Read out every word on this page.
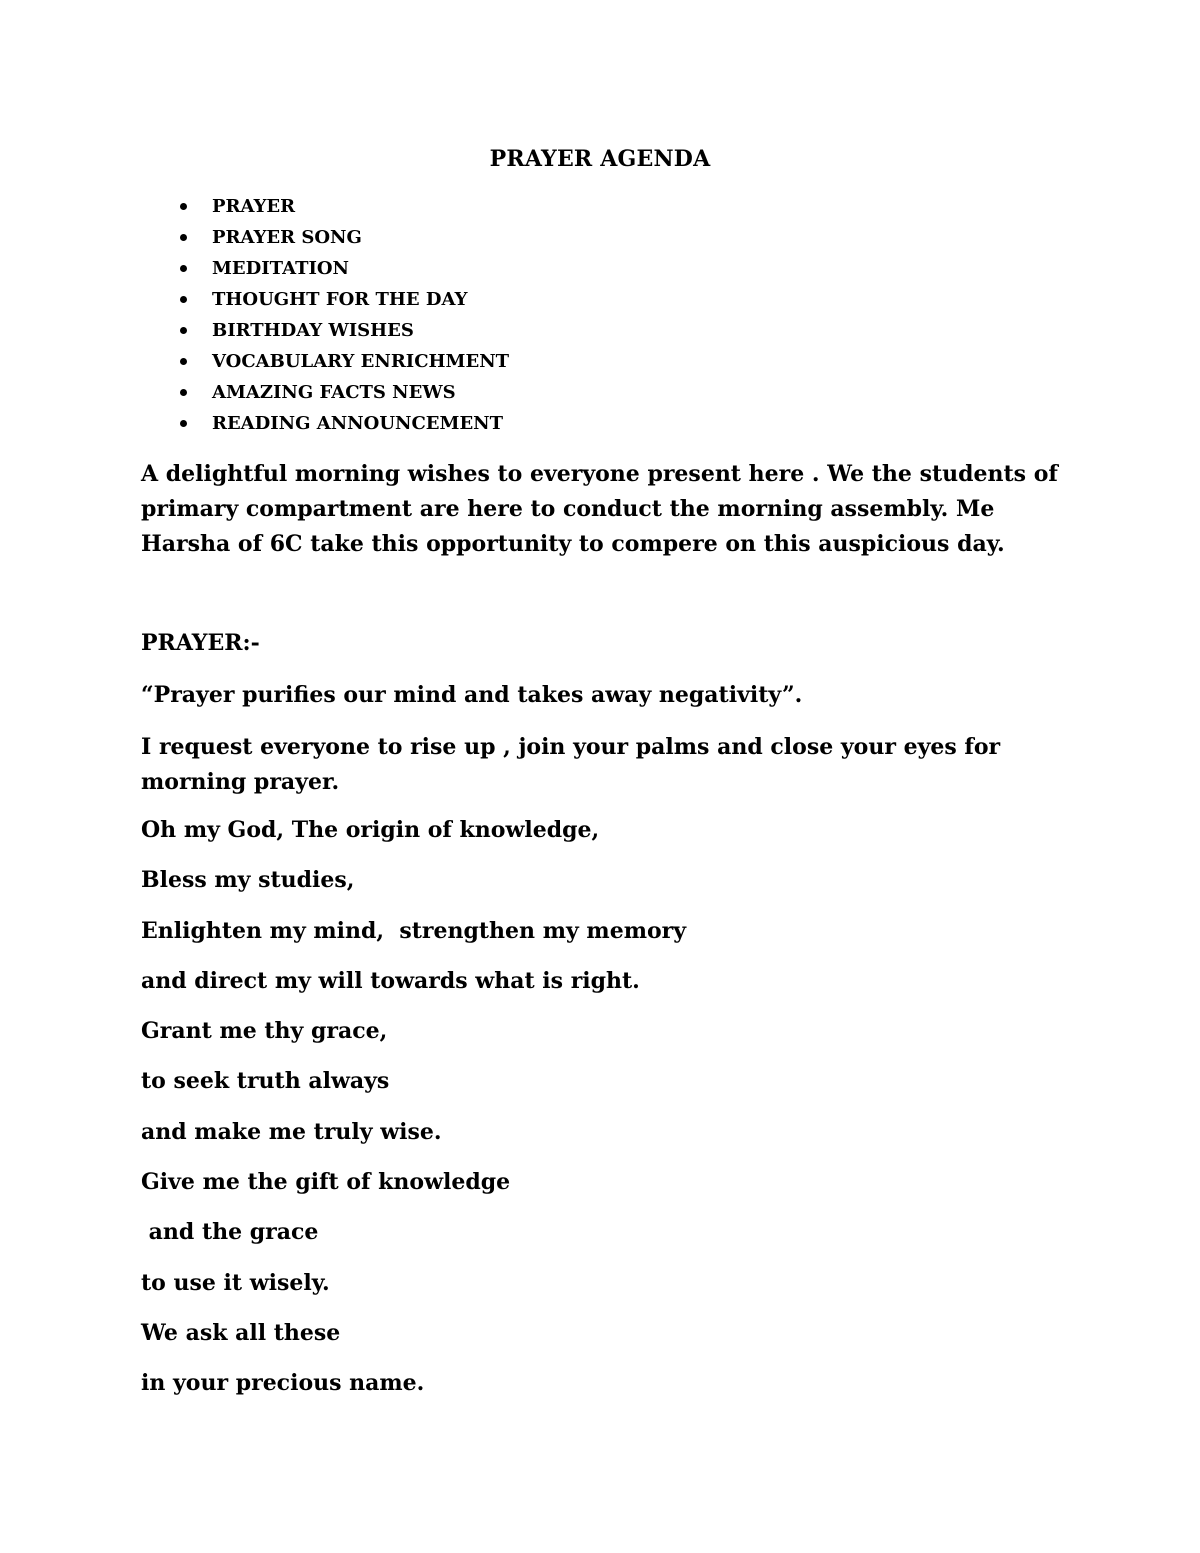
PRAYER AGENDA
PRAYER
PRAYER SONG
MEDITATION
THOUGHT FOR THE DAY
BIRTHDAY WISHES
VOCABULARY ENRICHMENT
AMAZING FACTS NEWS
READING ANNOUNCEMENT

A delightful morning wishes to everyone present here . We the students of primary compartment are here to conduct the morning assembly. Me Harsha of 6C take this opportunity to compere on this auspicious day.

PRAYER:-

“Prayer purifies our mind and takes away negativity”.

I request everyone to rise up , join your palms and close your eyes for morning prayer.

Oh my God, The origin of knowledge,
Bless my studies,
Enlighten my mind,  strengthen my memory
and direct my will towards what is right.
Grant me thy grace,
to seek truth always
and make me truly wise.
Give me the gift of knowledge
and the grace
to use it wisely.
We ask all these
in your precious name.
